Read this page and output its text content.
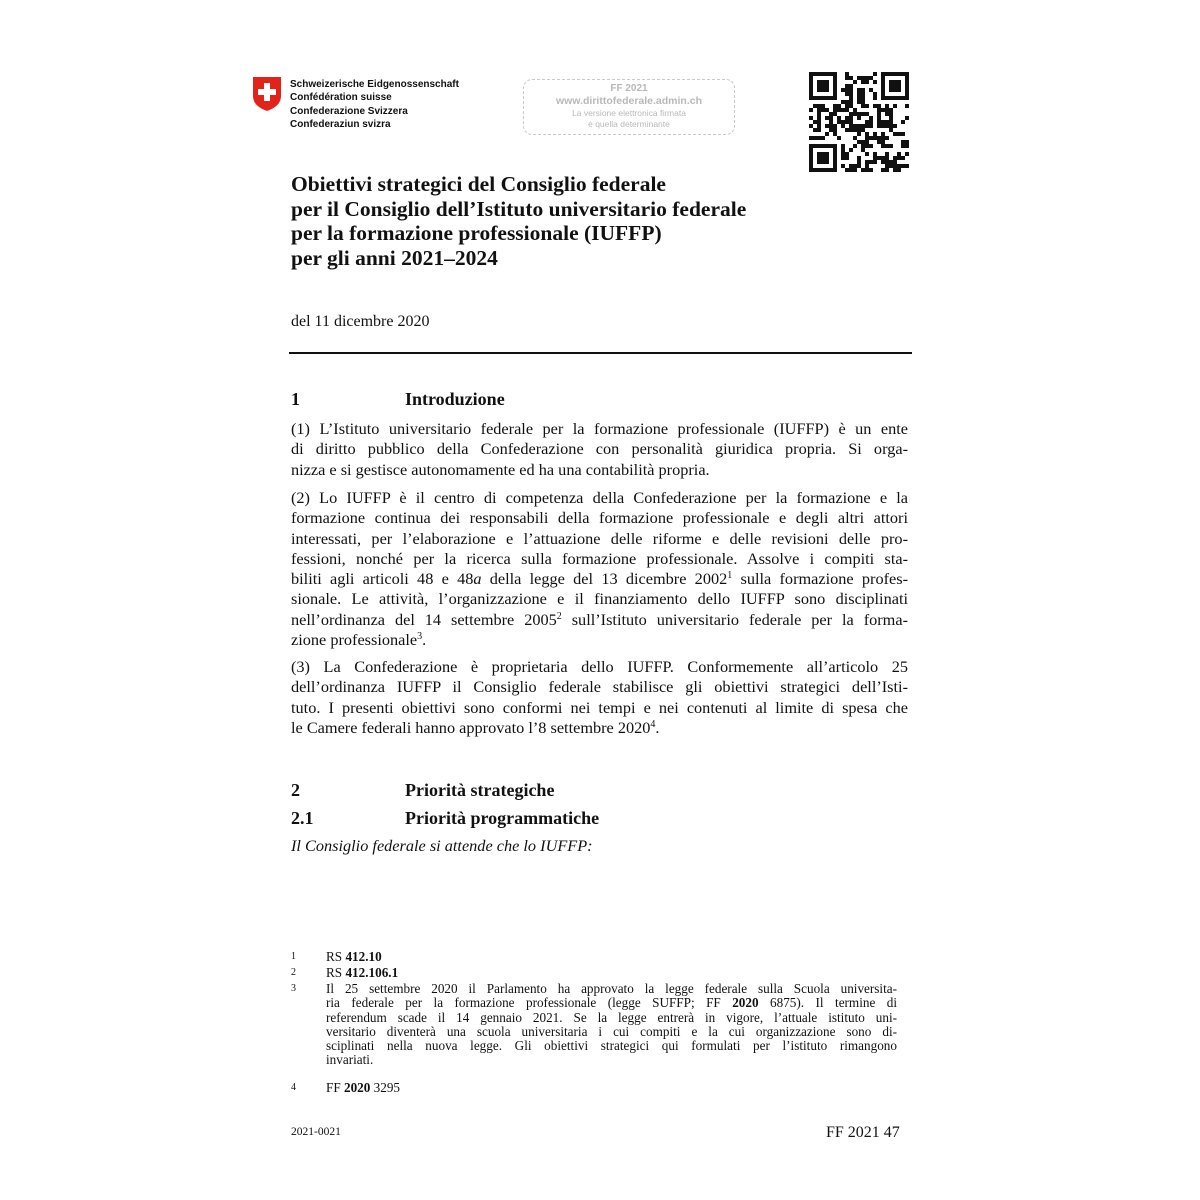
Schweizerische Eidgenossenschaft
Confédération suisse
Confederazione Svizzera
Confederaziun svizra
FF 2021
www.dirittofederale.admin.ch
La versione elettronica firmata
è quella determinante
Obiettivi strategici del Consiglio federale
per il Consiglio dell’Istituto universitario federale
per la formazione professionale (IUFFP)
per gli anni 2021–2024
del 11 dicembre 2020
1	Introduzione
(1) L’Istituto universitario federale per la formazione professionale (IUFFP) è un ente
di diritto pubblico della Confederazione con personalità giuridica propria. Si orga-
nizza e si gestisce autonomamente ed ha una contabilità propria.
(2) Lo IUFFP è il centro di competenza della Confederazione per la formazione e la
formazione continua dei responsabili della formazione professionale e degli altri attori
interessati, per l’elaborazione e l’attuazione delle riforme e delle revisioni delle pro-
fessioni, nonché per la ricerca sulla formazione professionale. Assolve i compiti sta-
biliti agli articoli 48 e 48a della legge del 13 dicembre 2002$^1$ sulla formazione profes-
sionale. Le attività, l’organizzazione e il finanziamento dello IUFFP sono disciplinati
nell’ordinanza del 14 settembre 2005$^2$ sull’Istituto universitario federale per la forma-
zione professionale$^3$.
(3) La Confederazione è proprietaria dello IUFFP. Conformemente all’articolo 25
dell’ordinanza IUFFP il Consiglio federale stabilisce gli obiettivi strategici dell’Isti-
tuto. I presenti obiettivi sono conformi nei tempi e nei contenuti al limite di spesa che
le Camere federali hanno approvato l’8 settembre 2020$^4$.
2	Priorità strategiche
2.1	Priorità programmatiche
Il Consiglio federale si attende che lo IUFFP:
1 RS 412.10
2 RS 412.106.1
3 Il 25 settembre 2020 il Parlamento ha approvato la legge federale sulla Scuola universita-
ria federale per la formazione professionale (legge SUFFP; FF 2020 6875). Il termine di
referendum scade il 14 gennaio 2021. Se la legge entrerà in vigore, l’attuale istituto uni-
versitario diventerà una scuola universitaria i cui compiti e la cui organizzazione sono di-
sciplinati nella nuova legge. Gli obiettivi strategici qui formulati per l’istituto rimangono
invariati.
4 FF 2020 3295
2021-0021	FF 2021 47
